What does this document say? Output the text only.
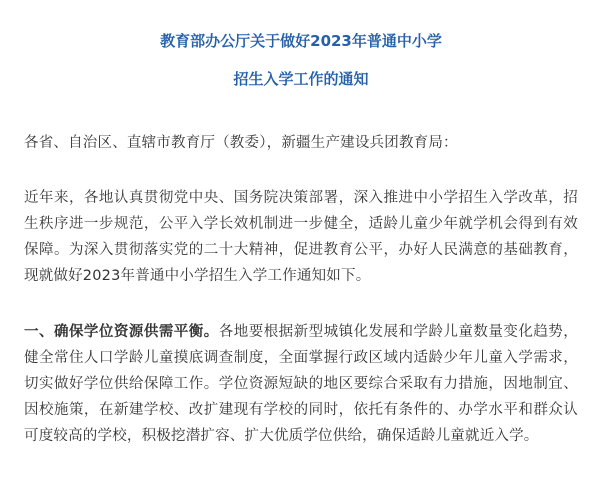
教育部办公厅关于做好2023年普通中小学

招生入学工作的通知

各省、自治区、直辖市教育厅（教委），新疆生产建设兵团教育局：

近年来，各地认真贯彻党中央、国务院决策部署，深入推进中小学招生入学改革，招生秩序进一步规范，公平入学长效机制进一步健全，适龄儿童少年就学机会得到有效保障。为深入贯彻落实党的二十大精神，促进教育公平，办好人民满意的基础教育，现就做好2023年普通中小学招生入学工作通知如下。

一、确保学位资源供需平衡。各地要根据新型城镇化发展和学龄儿童数量变化趋势，健全常住人口学龄儿童摸底调查制度，全面掌握行政区域内适龄少年儿童入学需求，切实做好学位供给保障工作。学位资源短缺的地区要综合采取有力措施，因地制宜、因校施策，在新建学校、改扩建现有学校的同时，依托有条件的、办学水平和群众认可度较高的学校，积极挖潜扩容、扩大优质学位供给，确保适龄儿童就近入学。
